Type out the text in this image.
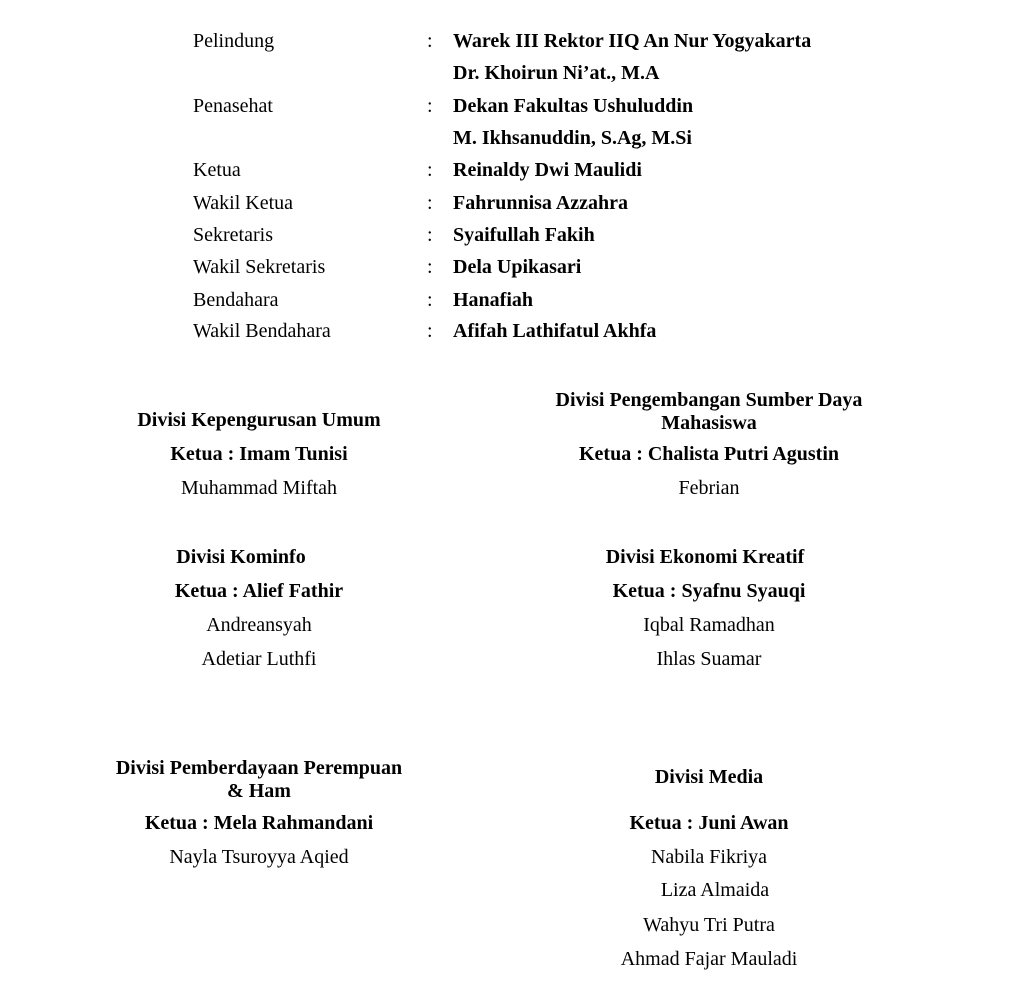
Pelindung	: Warek III Rektor IIQ An Nur Yogyakarta
Dr. Khoirun Ni’at., M.A
Penasehat	: Dekan Fakultas Ushuluddin
M. Ikhsanuddin, S.Ag, M.Si
Ketua	: Reinaldy Dwi Maulidi
Wakil Ketua	: Fahrunnisa Azzahra
Sekretaris	: Syaifullah Fakih
Wakil Sekretaris	: Dela Upikasari
Bendahara	: Hanafiah
Wakil Bendahara	: Afifah Lathifatul Akhfa
Divisi Kepengurusan Umum
Ketua : Imam Tunisi
Muhammad Miftah
Divisi Pengembangan Sumber Daya
Mahasiswa
Ketua : Chalista Putri Agustin
Febrian
Divisi Kominfo
Ketua : Alief Fathir
Andreansyah
Adetiar Luthfi
Divisi Ekonomi Kreatif
Ketua : Syafnu Syauqi
Iqbal Ramadhan
Ihlas Suamar
Divisi Pemberdayaan Perempuan
& Ham
Ketua : Mela Rahmandani
Nayla Tsuroyya Aqied
Divisi Media
Ketua : Juni Awan
Nabila Fikriya
Liza Almaida
Wahyu Tri Putra
Ahmad Fajar Mauladi
